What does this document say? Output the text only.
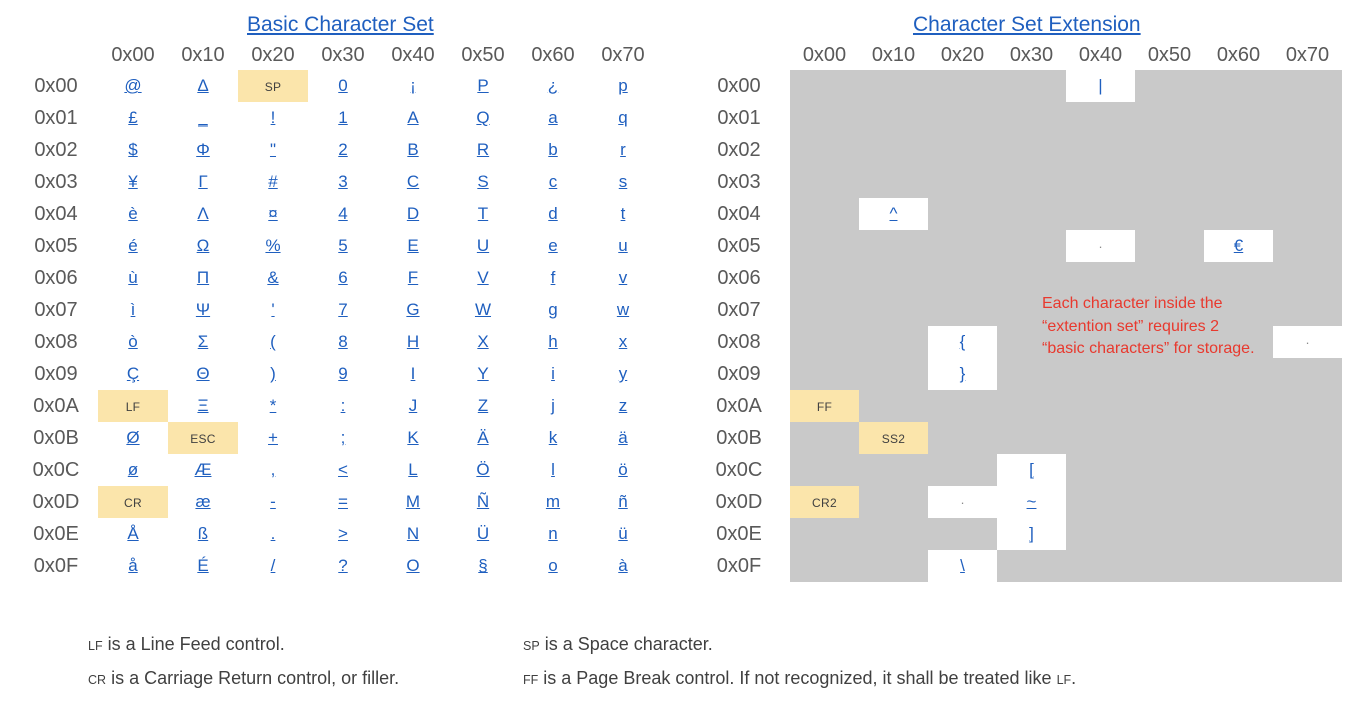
Basic Character Set	Character Set Extension
	0x00	0x10	0x20	0x30	0x40	0x50	0x60	0x70
0x00	@	Δ	SP	0	¡	P	¿	p
0x01	£	_	!	1	A	Q	a	q
0x02	$	Φ	"	2	B	R	b	r
0x03	¥	Γ	#	3	C	S	c	s
0x04	è	Λ	¤	4	D	T	d	t
0x05	é	Ω	%	5	E	U	e	u
0x06	ù	Π	&	6	F	V	f	v
0x07	ì	Ψ	'	7	G	W	g	w
0x08	ò	Σ	(	8	H	X	h	x
0x09	Ç	Θ	)	9	I	Y	i	y
0x0A	LF	Ξ	*	:	J	Z	j	z
0x0B	Ø	ESC	+	;	K	Ä	k	ä
0x0C	ø	Æ	,	<	L	Ö	l	ö
0x0D	CR	æ	-	=	M	Ñ	m	ñ
0x0E	Å	ß	.	>	N	Ü	n	ü
0x0F	å	É	/	?	O	§	o	à
	0x00	0x10	0x20	0x30	0x40	0x50	0x60	0x70
0x00					|			
0x01								
0x02								
0x03								
0x04		^						
0x05					·		€	
0x06								
0x07								
0x08			{					·
0x09			}					
0x0A	FF							
0x0B		SS2						
0x0C				[				
0x0D	CR2		·	~				
0x0E				]				
0x0F			\					
Each character inside the “extention set” requires 2 “basic characters” for storage.
LF is a Line Feed control.
CR is a Carriage Return control, or filler.
SP is a Space character.
FF is a Page Break control. If not recognized, it shall be treated like LF.
